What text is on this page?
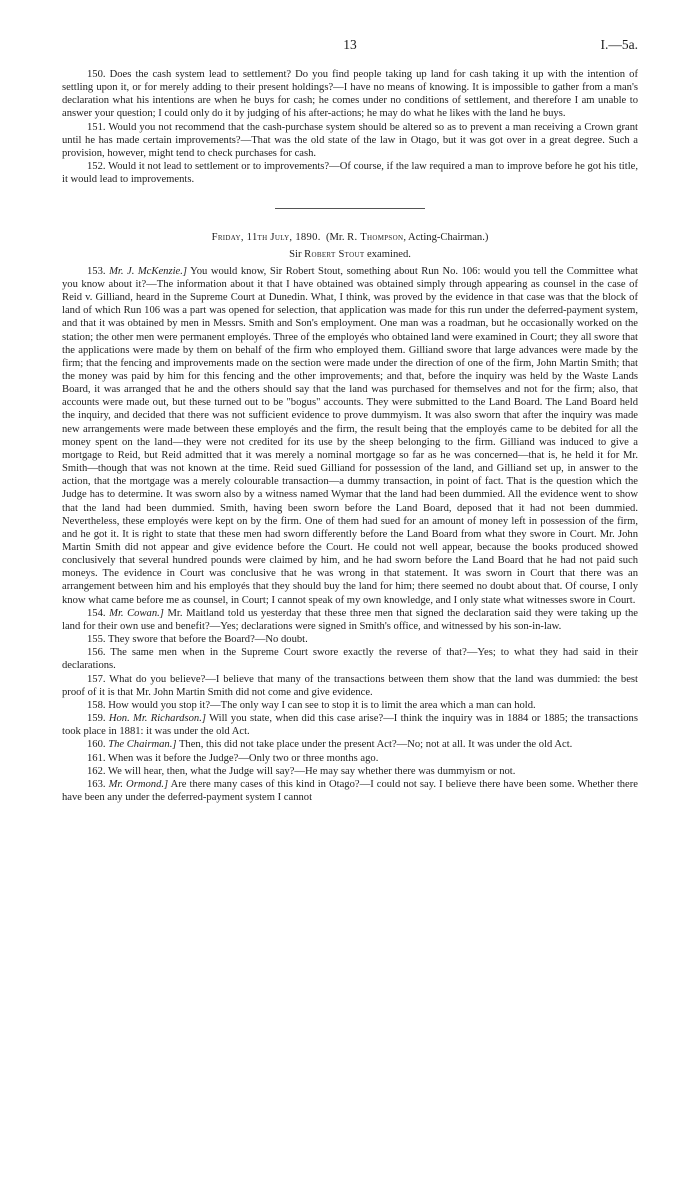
13	I.—5a.

150. Does the cash system lead to settlement? Do you find people taking up land for cash taking it up with the intention of settling upon it, or for merely adding to their present holdings?—I have no means of knowing. It is impossible to gather from a man's declaration what his intentions are when he buys for cash; he comes under no conditions of settlement, and therefore I am unable to answer your question; I could only do it by judging of his after-actions; he may do what he likes with the land he buys.

151. Would you not recommend that the cash-purchase system should be altered so as to prevent a man receiving a Crown grant until he has made certain improvements?—That was the old state of the law in Otago, but it was got over in a great degree. Such a provision, however, might tend to check purchases for cash.

152. Would it not lead to settlement or to improvements?—Of course, if the law required a man to improve before he got his title, it would lead to improvements.

Friday, 11th July, 1890. (Mr. R. Thompson, Acting-Chairman.)

Sir Robert Stout examined.

153. Mr. J. McKenzie.] You would know, Sir Robert Stout, something about Run No. 106: would you tell the Committee what you know about it?—The information about it that I have obtained was obtained simply through appearing as counsel in the case of Reid v. Gilliand, heard in the Supreme Court at Dunedin. What, I think, was proved by the evidence in that case was that the block of land of which Run 106 was a part was opened for selection, that application was made for this run under the deferred-payment system, and that it was obtained by men in Messrs. Smith and Son's employment. One man was a roadman, but he occasionally worked on the station; the other men were permanent employés. Three of the employés who obtained land were examined in Court; they all swore that the applications were made by them on behalf of the firm who employed them. Gilliand swore that large advances were made by the firm; that the fencing and improvements made on the section were made under the direction of one of the firm, John Martin Smith; that the money was paid by him for this fencing and the other improvements; and that, before the inquiry was held by the Waste Lands Board, it was arranged that he and the others should say that the land was purchased for themselves and not for the firm; also, that accounts were made out, but these turned out to be "bogus" accounts. They were submitted to the Land Board. The Land Board held the inquiry, and decided that there was not sufficient evidence to prove dummyism. It was also sworn that after the inquiry was made new arrangements were made between these employés and the firm, the result being that the employés came to be debited for all the money spent on the land—they were not credited for its use by the sheep belonging to the firm. Gilliand was induced to give a mortgage to Reid, but Reid admitted that it was merely a nominal mortgage so far as he was concerned—that is, he held it for Mr. Smith—though that was not known at the time. Reid sued Gilliand for possession of the land, and Gilliand set up, in answer to the action, that the mortgage was a merely colourable transaction—a dummy transaction, in point of fact. That is the question which the Judge has to determine. It was sworn also by a witness named Wymar that the land had been dummied. All the evidence went to show that the land had been dummied. Smith, having been sworn before the Land Board, deposed that it had not been dummied. Nevertheless, these employés were kept on by the firm. One of them had sued for an amount of money left in possession of the firm, and he got it. It is right to state that these men had sworn differently before the Land Board from what they swore in Court. Mr. John Martin Smith did not appear and give evidence before the Court. He could not well appear, because the books produced showed conclusively that several hundred pounds were claimed by him, and he had sworn before the Land Board that he had not paid such moneys. The evidence in Court was conclusive that he was wrong in that statement. It was sworn in Court that there was an arrangement between him and his employés that they should buy the land for him; there seemed no doubt about that. Of course, I only know what came before me as counsel, in Court; I cannot speak of my own knowledge, and I only state what witnesses swore in Court.

154. Mr. Cowan.] Mr. Maitland told us yesterday that these three men that signed the declaration said they were taking up the land for their own use and benefit?—Yes; declarations were signed in Smith's office, and witnessed by his son-in-law.

155. They swore that before the Board?—No doubt.

156. The same men when in the Supreme Court swore exactly the reverse of that?—Yes; to what they had said in their declarations.

157. What do you believe?—I believe that many of the transactions between them show that the land was dummied: the best proof of it is that Mr. John Martin Smith did not come and give evidence.

158. How would you stop it?—The only way I can see to stop it is to limit the area which a man can hold.

159. Hon. Mr. Richardson.] Will you state, when did this case arise?—I think the inquiry was in 1884 or 1885; the transactions took place in 1881: it was under the old Act.

160. The Chairman.] Then, this did not take place under the present Act?—No; not at all. It was under the old Act.

161. When was it before the Judge?—Only two or three months ago.

162. We will hear, then, what the Judge will say?—He may say whether there was dummyism or not.

163. Mr. Ormond.] Are there many cases of this kind in Otago?—I could not say. I believe there have been some. Whether there have been any under the deferred-payment system I cannot
